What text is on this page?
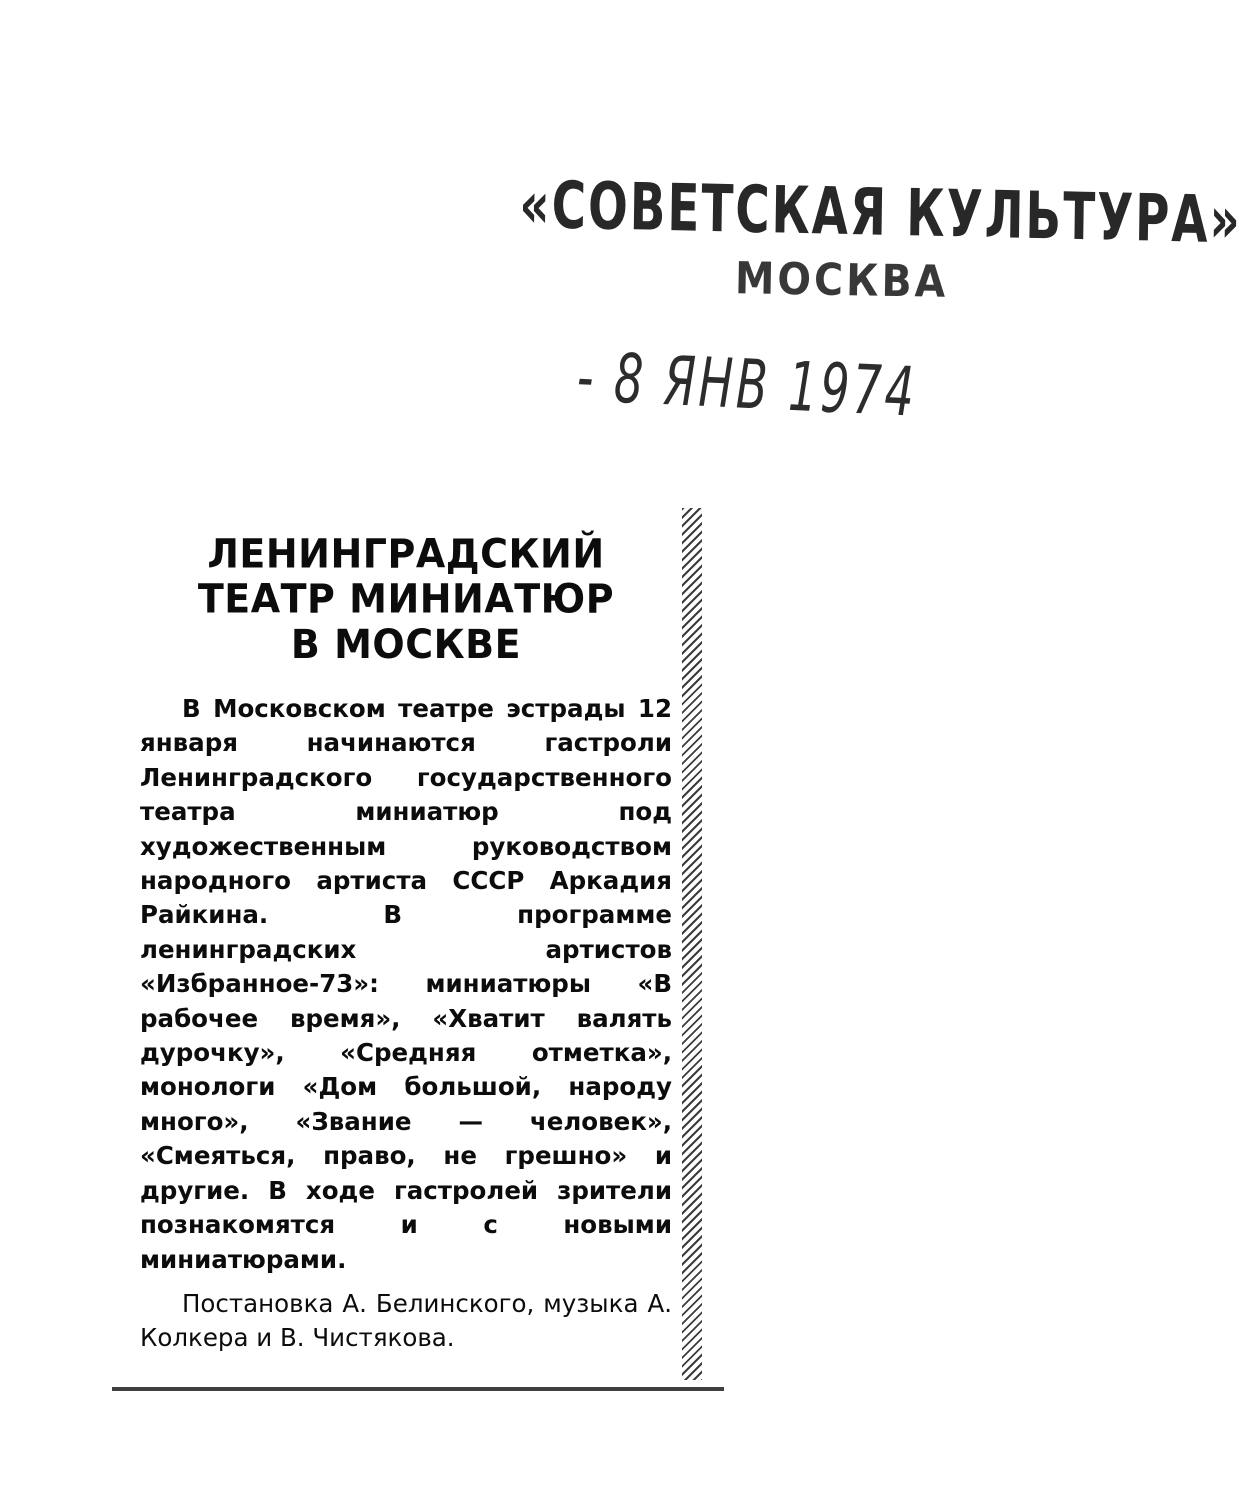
«СОВЕТСКАЯ КУЛЬТУРА»
МОСКВА
- 8 ЯНВ 1974
ЛЕНИНГРАДСКИЙ
ТЕАТР МИНИАТЮР
В МОСКВЕ

В Московском театре эстрады 12 января начинаются гастроли Ленинградского государственного театра миниатюр под художественным руководством народного артиста СССР Аркадия Райкина. В программе ленинградских артистов «Избранное-73»: миниатюры «В рабочее время», «Хватит валять дурочку», «Средняя отметка», монологи «Дом большой, народу много», «Звание — человек», «Смеяться, право, не грешно» и другие. В ходе гастролей зрители познакомятся и с новыми миниатюрами.

Постановка А. Белинского, музыка А. Колкера и В. Чистякова.
